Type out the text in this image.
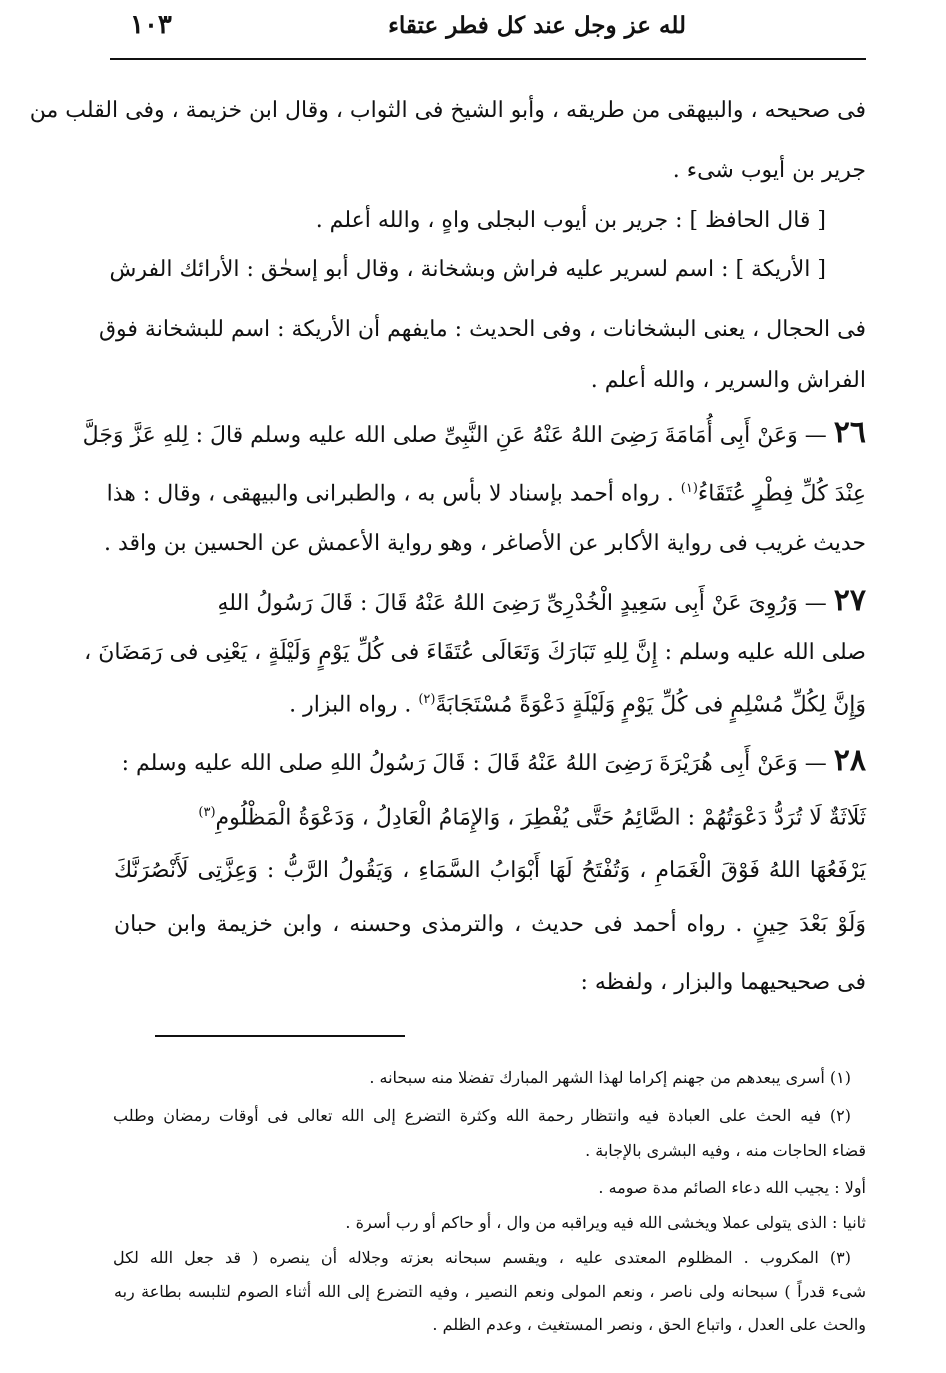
لله عز وجل عند كل فطر عتقاء
١٠٣
فى صحيحه ، والبيهقى من طريقه ، وأبو الشيخ فى الثواب ، وقال ابن خزيمة ، وفى القلب من
جرير بن أيوب شىء .
[ قال الحافظ ] : جرير بن أيوب البجلى واهٍ ، والله أعلم .
[ الأريكة ] : اسم لسرير عليه فراش وبشخانة ، وقال أبو إسحٰق : الأرائك الفرش
فى الحجال ، يعنى البشخانات ، وفى الحديث : مايفهم أن الأريكة : اسم للبشخانة فوق
الفراش والسرير ، والله أعلم .
٢٦ — وَعَنْ أَبِى أُمَامَةَ رَضِىَ اللهُ عَنْهُ عَنِ النَّبِىِّ صلى الله عليه وسلم قالَ : لِلهِ عَزَّ وَجَلَّ
عِنْدَ كُلِّ فِطْرٍ عُتَقَاءُ$^{(١)}$ . رواه أحمد بإسناد لا بأس به ، والطبرانى والبيهقى ، وقال : هذا
حديث غريب فى رواية الأكابر عن الأصاغر ، وهو رواية الأعمش عن الحسين بن واقد .
٢٧ — وَرُوِىَ عَنْ أَبِى سَعِيدٍ الْخُدْرِىِّ رَضِىَ اللهُ عَنْهُ قَالَ : قَالَ رَسُولُ اللهِ
صلى الله عليه وسلم : إِنَّ لِلهِ تَبَارَكَ وَتَعَالَى عُتَقَاءَ فى كُلِّ يَوْمٍ وَلَيْلَةٍ ، يَعْنِى فى رَمَضَانَ ،
وَإِنَّ لِكُلِّ مُسْلِمٍ فى كُلِّ يَوْمٍ وَلَيْلَةٍ دَعْوَةً مُسْتَجَابَةً$^{(٢)}$ . رواه البزار .
٢٨ — وَعَنْ أَبِى هُرَيْرَةَ رَضِىَ اللهُ عَنْهُ قَالَ : قَالَ رَسُولُ اللهِ صلى الله عليه وسلم :
ثَلَاثَةٌ لَا تُرَدُّ دَعْوَتُهُمْ : الصَّائِمُ حَتَّى يُفْطِرَ ، وَالإِمَامُ الْعَادِلُ ، وَدَعْوَةُ الْمَظْلُومِ$^{(٣)}$
يَرْفَعُهَا اللهُ فَوْقَ الْغَمَامِ ، وَتُفْتَحُ لَهَا أَبْوَابُ السَّمَاءِ ، وَيَقُولُ الرَّبُّ : وَعِزَّتِى لَأَنْصُرَنَّكَ
وَلَوْ بَعْدَ حِينٍ . رواه أحمد فى حديث ، والترمذى وحسنه ، وابن خزيمة وابن حبان
فى صحيحيهما والبزار ، ولفظه :
(١) أسرى يبعدهم من جهنم إكراما لهذا الشهر المبارك تفضلا منه سبحانه .
(٢) فيه الحث على العبادة فيه وانتظار رحمة الله وكثرة التضرع إلى الله تعالى فى أوقات رمضان وطلب
قضاء الحاجات منه ، وفيه البشرى بالإجابة .
أولا : يجيب الله دعاء الصائم مدة صومه .
ثانيا : الذى يتولى عملا ويخشى الله فيه ويراقبه من وال ، أو حاكم أو رب أسرة .
(٣) المكروب . المظلوم المعتدى عليه ، ويقسم سبحانه بعزته وجلاله أن ينصره ( قد جعل الله لكل
شىء قدراً ) سبحانه ولى ناصر ، ونعم المولى ونعم النصير ، وفيه التضرع إلى الله أثناء الصوم لتلبسه بطاعة ربه
والحث على العدل ، واتباع الحق ، ونصر المستغيث ، وعدم الظلم .
